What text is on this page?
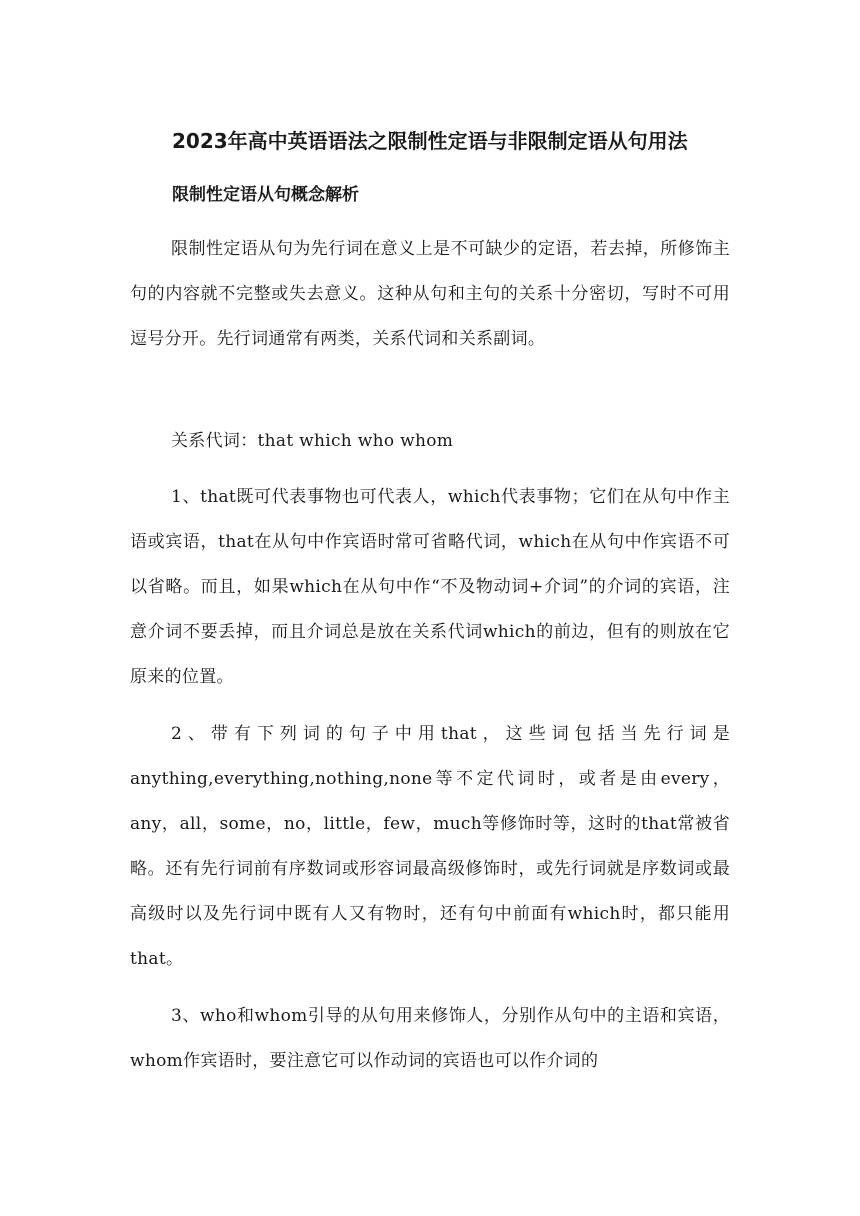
2023年高中英语语法之限制性定语与非限制定语从句用法
限制性定语从句概念解析

限制性定语从句为先行词在意义上是不可缺少的定语，若去掉，所修饰主句的内容就不完整或失去意义。这种从句和主句的关系十分密切，写时不可用逗号分开。先行词通常有两类，关系代词和关系副词。

关系代词：that which who whom

1、that既可代表事物也可代表人，which代表事物；它们在从句中作主语或宾语，that在从句中作宾语时常可省略代词，which在从句中作宾语不可以省略。而且，如果which在从句中作“不及物动词+介词”的介词的宾语，注意介词不要丢掉，而且介词总是放在关系代词which的前边，但有的则放在它原来的位置。

2、带有下列词的句子中用that，这些词包括当先行词是anything,everything,nothing,none等不定代词时，或者是由every，any，all，some，no，little，few，much等修饰时等，这时的that常被省略。还有先行词前有序数词或形容词最高级修饰时，或先行词就是序数词或最高级时以及先行词中既有人又有物时，还有句中前面有which时，都只能用that。

3、who和whom引导的从句用来修饰人，分别作从句中的主语和宾语，whom作宾语时，要注意它可以作动词的宾语也可以作介词的
